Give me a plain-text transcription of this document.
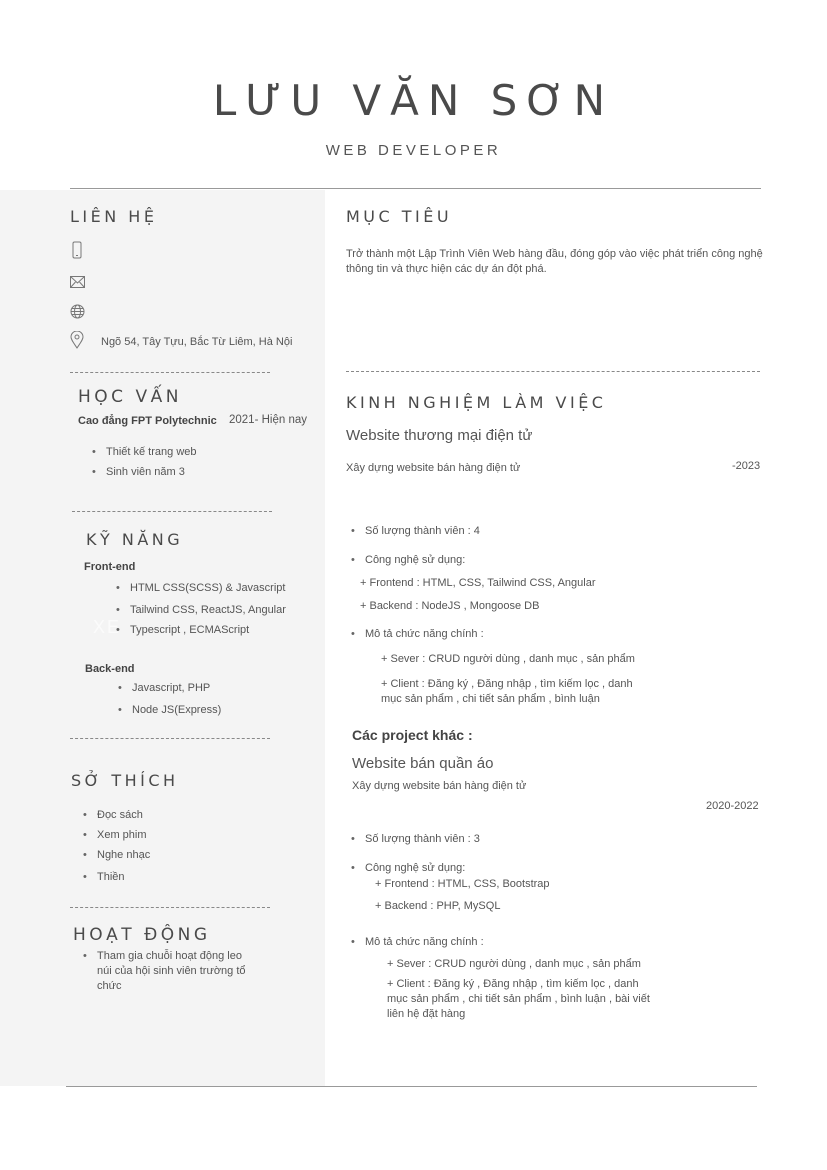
LƯU VĂN SƠN
WEB DEVELOPER
LIÊN HỆ
Ngõ 54, Tây Tựu, Bắc Từ Liêm, Hà Nội
HỌC VẤN
Cao đẳng FPT Polytechnic 2021- Hiện nay
• Thiết kế trang web
• Sinh viên năm 3
KỸ NĂNG
Front-end
• HTML CSS(SCSS) & Javascript
• Tailwind CSS, ReactJS, Angular
XE
• Typescript , ECMAScript
Back-end
• Javascript, PHP
• Node JS(Express)
SỞ THÍCH
• Đọc sách
• Xem phim
• Nghe nhạc
• Thiền
HOẠT ĐỘNG
• Tham gia chuỗi hoạt động leo núi của hội sinh viên trường tổ chức
MỤC TIÊU
Trở thành một Lập Trình Viên Web hàng đầu, đóng góp vào việc phát triển công nghệ thông tin và thực hiện các dự án đột phá.
KINH NGHIỆM LÀM VIỆC
Website thương mại điện tử
Xây dựng website bán hàng điện tử	-2023
• Số lượng thành viên : 4
• Công nghệ sử dụng:
+ Frontend : HTML, CSS, Tailwind CSS, Angular
+ Backend : NodeJS , Mongoose DB
• Mô tả chức năng chính :
+ Sever : CRUD người dùng , danh mục , sản phẩm
+ Client : Đăng ký , Đăng nhập , tìm kiếm lọc , danh mục sản phẩm , chi tiết sản phẩm , bình luận
Các project khác :
Website bán quần áo
Xây dựng website bán hàng điện tử
2020-2022
• Số lượng thành viên : 3
• Công nghệ sử dụng:
+ Frontend : HTML, CSS, Bootstrap
+ Backend : PHP, MySQL
• Mô tả chức năng chính :
+ Sever : CRUD người dùng , danh mục , sản phẩm
+ Client : Đăng ký , Đăng nhập , tìm kiếm lọc , danh mục sản phẩm , chi tiết sản phẩm , bình luận , bài viết liên hệ đặt hàng
